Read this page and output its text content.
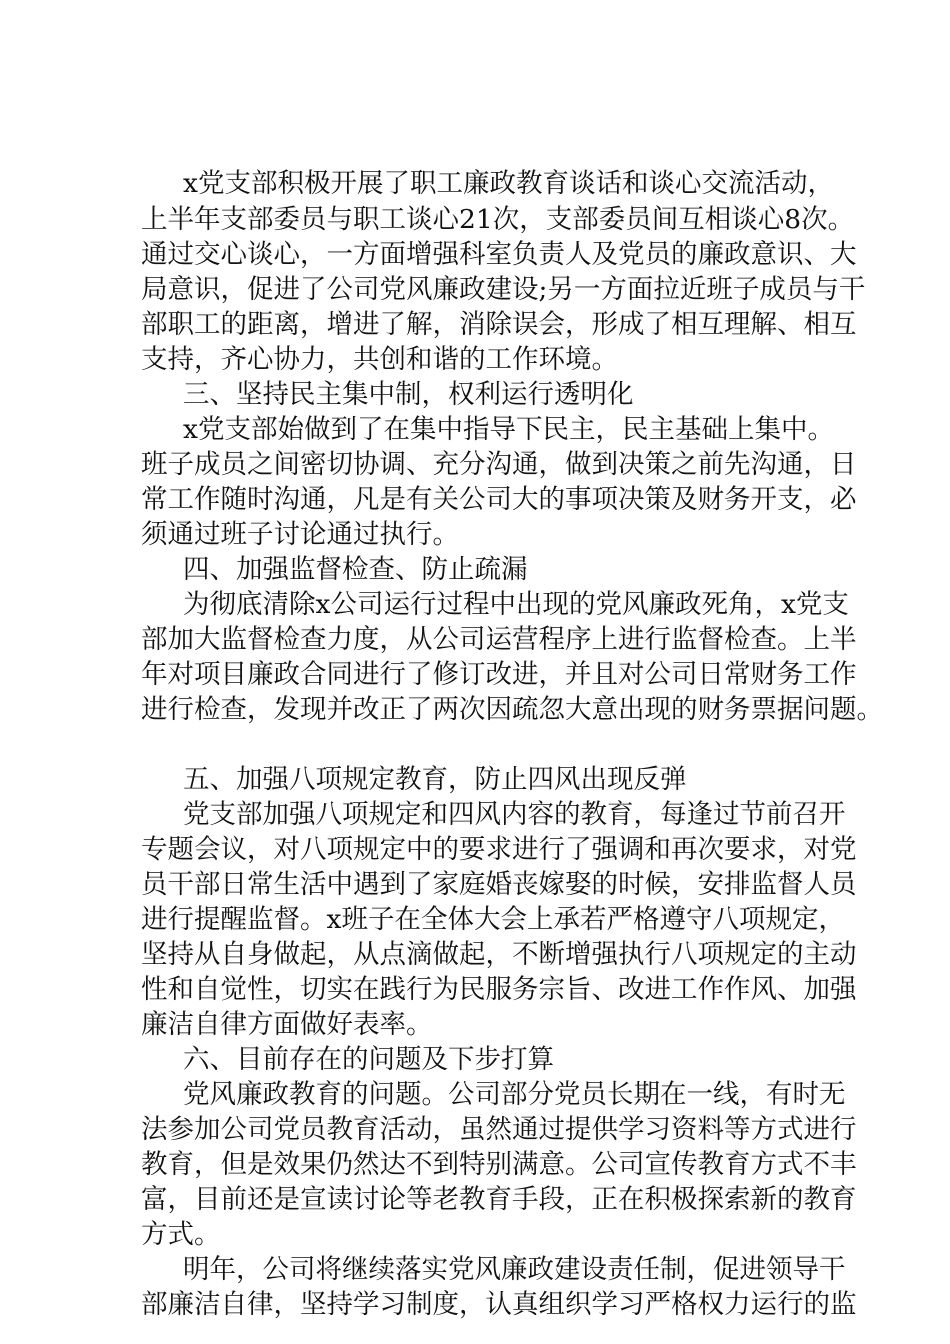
x党支部积极开展了职工廉政教育谈话和谈心交流活动，
上半年支部委员与职工谈心21次，支部委员间互相谈心8次。
通过交心谈心，一方面增强科室负责人及党员的廉政意识、大
局意识，促进了公司党风廉政建设;另一方面拉近班子成员与干
部职工的距离，增进了解，消除误会，形成了相互理解、相互
支持，齐心协力，共创和谐的工作环境。
三、坚持民主集中制，权利运行透明化
x党支部始做到了在集中指导下民主，民主基础上集中。
班子成员之间密切协调、充分沟通，做到决策之前先沟通，日
常工作随时沟通，凡是有关公司大的事项决策及财务开支，必
须通过班子讨论通过执行。
四、加强监督检查、防止疏漏
为彻底清除x公司运行过程中出现的党风廉政死角，x党支
部加大监督检查力度，从公司运营程序上进行监督检查。上半
年对项目廉政合同进行了修订改进，并且对公司日常财务工作
进行检查，发现并改正了两次因疏忽大意出现的财务票据问题。
五、加强八项规定教育，防止四风出现反弹
党支部加强八项规定和四风内容的教育，每逢过节前召开
专题会议，对八项规定中的要求进行了强调和再次要求，对党
员干部日常生活中遇到了家庭婚丧嫁娶的时候，安排监督人员
进行提醒监督。x班子在全体大会上承若严格遵守八项规定，
坚持从自身做起，从点滴做起，不断增强执行八项规定的主动
性和自觉性，切实在践行为民服务宗旨、改进工作作风、加强
廉洁自律方面做好表率。
六、目前存在的问题及下步打算
党风廉政教育的问题。公司部分党员长期在一线，有时无
法参加公司党员教育活动，虽然通过提供学习资料等方式进行
教育，但是效果仍然达不到特别满意。公司宣传教育方式不丰
富，目前还是宣读讨论等老教育手段，正在积极探索新的教育
方式。
明年，公司将继续落实党风廉政建设责任制，促进领导干
部廉洁自律，坚持学习制度，认真组织学习严格权力运行的监
